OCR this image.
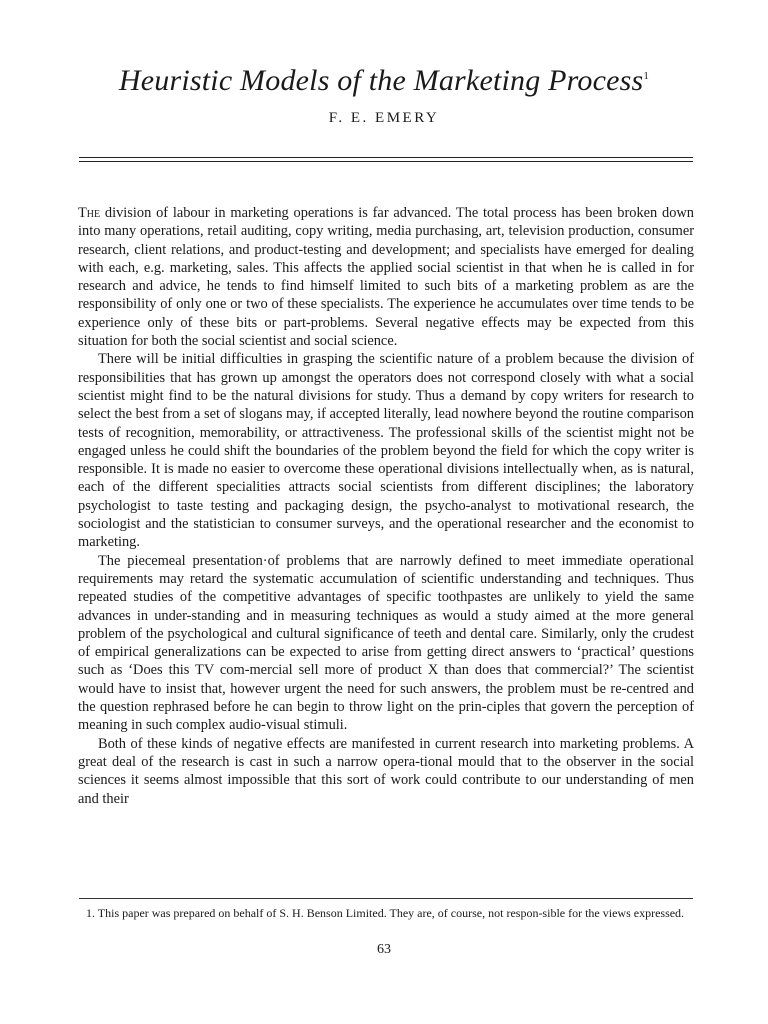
Heuristic Models of the Marketing Process$^1$
F. E. EMERY

The division of labour in marketing operations is far advanced. The total process has been broken down into many operations, retail auditing, copy writing, media purchasing, art, television production, consumer research, client relations, and product-testing and development; and specialists have emerged for dealing with each, e.g. marketing, sales. This affects the applied social scientist in that when he is called in for research and advice, he tends to find himself limited to such bits of a marketing problem as are the responsibility of only one or two of these specialists. The experience he accumulates over time tends to be experience only of these bits or part-problems. Several negative effects may be expected from this situation for both the social scientist and social science.

There will be initial difficulties in grasping the scientific nature of a problem because the division of responsibilities that has grown up amongst the operators does not correspond closely with what a social scientist might find to be the natural divisions for study. Thus a demand by copy writers for research to select the best from a set of slogans may, if accepted literally, lead nowhere beyond the routine comparison tests of recognition, memorability, or attractiveness. The professional skills of the scientist might not be engaged unless he could shift the boundaries of the problem beyond the field for which the copy writer is responsible. It is made no easier to overcome these operational divisions intellectually when, as is natural, each of the different specialities attracts social scientists from different disciplines; the laboratory psychologist to taste testing and packaging design, the psycho-analyst to motivational research, the sociologist and the statistician to consumer surveys, and the operational researcher and the economist to marketing.

The piecemeal presentation·of problems that are narrowly defined to meet immediate operational requirements may retard the systematic accumulation of scientific understanding and techniques. Thus repeated studies of the competitive advantages of specific toothpastes are unlikely to yield the same advances in under-standing and in measuring techniques as would a study aimed at the more general problem of the psychological and cultural significance of teeth and dental care. Similarly, only the crudest of empirical generalizations can be expected to arise from getting direct answers to ‘practical’ questions such as ‘Does this TV com-mercial sell more of product X than does that commercial?’ The scientist would have to insist that, however urgent the need for such answers, the problem must be re-centred and the question rephrased before he can begin to throw light on the prin-ciples that govern the perception of meaning in such complex audio-visual stimuli.

Both of these kinds of negative effects are manifested in current research into marketing problems. A great deal of the research is cast in such a narrow opera-tional mould that to the observer in the social sciences it seems almost impossible that this sort of work could contribute to our understanding of men and their

1. This paper was prepared on behalf of S. H. Benson Limited. They are, of course, not respon-sible for the views expressed.
63
